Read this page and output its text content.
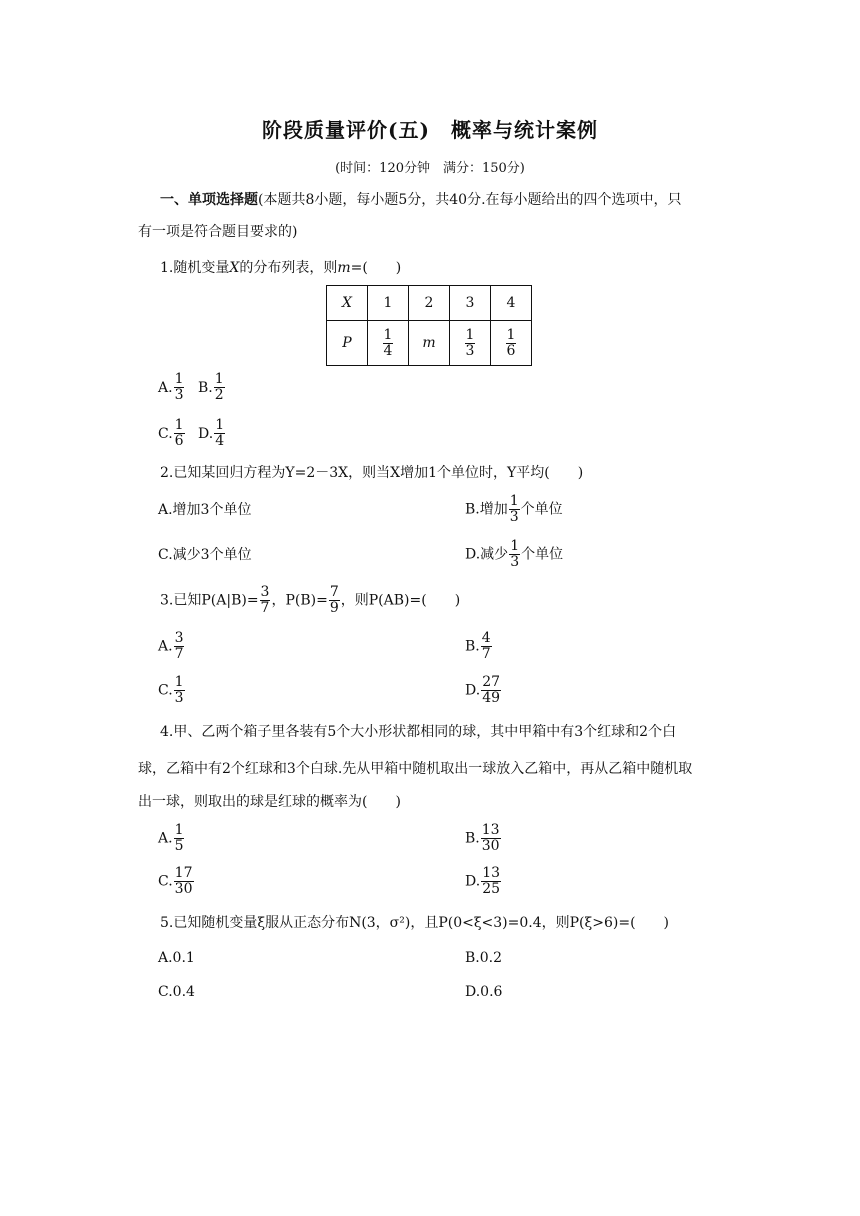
阶段质量评价(五)　概率与统计案例
(时间：120分钟　满分：150分)
一、单项选择题(本题共8小题，每小题5分，共40分.在每小题给出的四个选项中，只
有一项是符合题目要求的)
1.随机变量X的分布列表，则m=(　　)
X	1	2	3	4
P	$\frac{1}{4}$	m	$\frac{1}{3}$	$\frac{1}{6}$
A. $\frac{1}{3} B$. $\frac{1}{2}$
C. $\frac{1}{6} D$. $\frac{1}{4}$
2.已知某回归方程为Y=2－3X，则当X增加1个单位时，Y平均(　　)
A.增加3个单位	B.增加 $\frac{1}{3}$ 个单位
C.减少3个单位	D.减少 $\frac{1}{3}$ 个单位
3.已知$P(A|B)= \frac{3}{7}$ ，$P(B)= \frac{7}{9}$ ，则P(AB)=(　　)
A. $\frac{3}{7}$	B. $\frac{4}{7}$
C. $\frac{1}{3}$	D. $\frac{27}{49}$
4.甲、乙两个箱子里各装有5个大小形状都相同的球，其中甲箱中有3个红球和2个白
球，乙箱中有2个红球和3个白球.先从甲箱中随机取出一球放入乙箱中，再从乙箱中随机取
出一球，则取出的球是红球的概率为(　　)
A. $\frac{1}{5}$	B. $\frac{13}{30}$
C. $\frac{17}{30}$	D. $\frac{13}{25}$
5.已知随机变量ξ服从正态分布N(3，σ²)，且P(0<ξ<3)=0.4，则P(ξ>6)=(　　)
A.0.1	B.0.2
C.0.4	D.0.6
